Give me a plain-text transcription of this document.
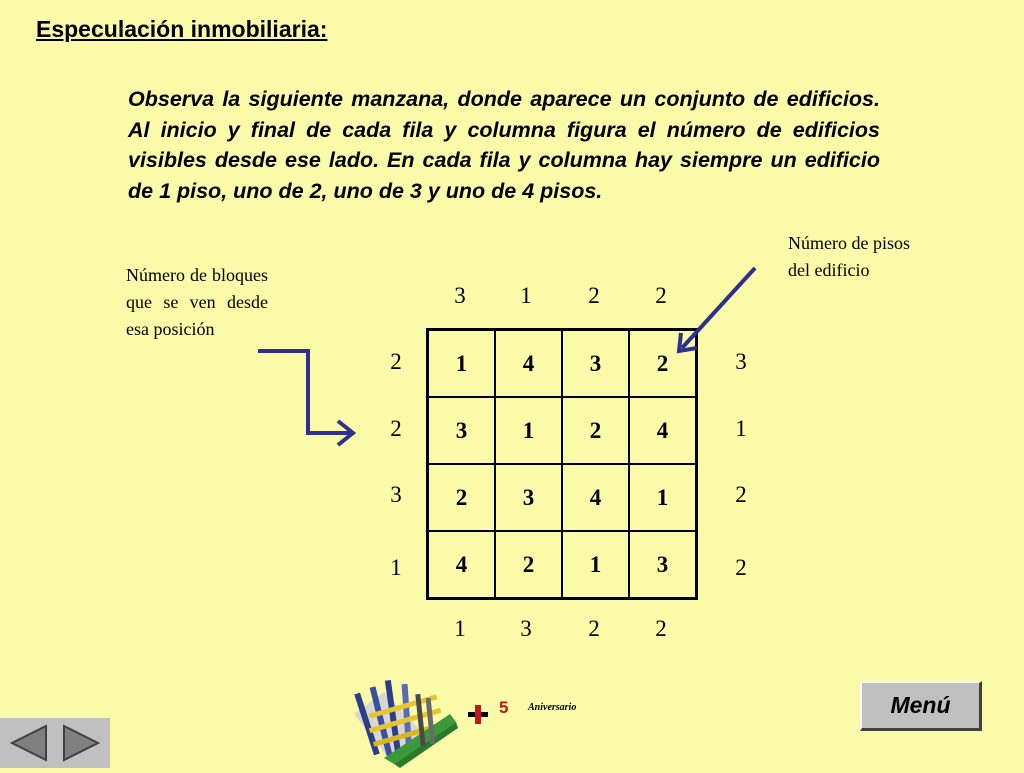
Especulación inmobiliaria:
Observa la siguiente manzana, donde aparece un conjunto de edificios. Al inicio y final de cada fila y columna figura el número de edificios visibles desde ese lado. En cada fila y columna hay siempre un edificio de 1 piso, uno de 2, uno de 3 y uno de 4 pisos.
Número de bloques que se ven desde esa posición
Número de pisos del edificio
3	1	2	2
2
2
3
1
3
1
2
2
1	3	2	2
1	4	3	2
3	1	2	4
2	3	4	1
4	2	1	3
5 Aniversario	Menú
